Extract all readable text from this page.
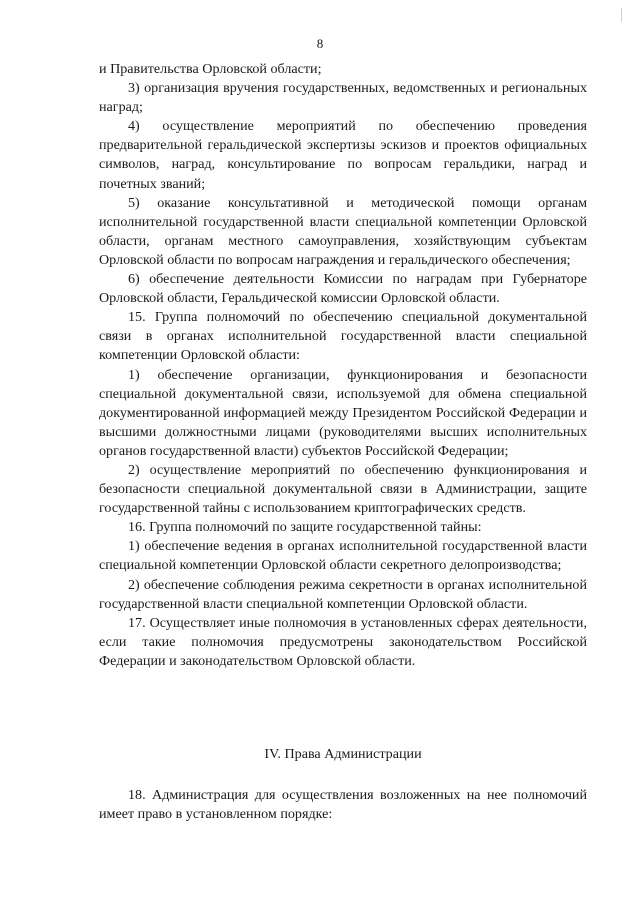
8

и Правительства Орловской области;

3) организация вручения государственных, ведомственных и региональных наград;

4) осуществление мероприятий по обеспечению проведения предварительной геральдической экспертизы эскизов и проектов официальных символов, наград, консультирование по вопросам геральдики, наград и почетных званий;

5) оказание консультативной и методической помощи органам исполнительной государственной власти специальной компетенции Орловской области, органам местного самоуправления, хозяйствующим субъектам Орловской области по вопросам награждения и геральдического обеспечения;

6) обеспечение деятельности Комиссии по наградам при Губернаторе Орловской области, Геральдической комиссии Орловской области.

15. Группа полномочий по обеспечению специальной документальной связи в органах исполнительной государственной власти специальной компетенции Орловской области:

1) обеспечение организации, функционирования и безопасности специальной документальной связи, используемой для обмена специальной документированной информацией между Президентом Российской Федерации и высшими должностными лицами (руководителями высших исполнительных органов государственной власти) субъектов Российской Федерации;

2) осуществление мероприятий по обеспечению функционирования и безопасности специальной документальной связи в Администрации, защите государственной тайны с использованием криптографических средств.

16. Группа полномочий по защите государственной тайны:

1) обеспечение ведения в органах исполнительной государственной власти специальной компетенции Орловской области секретного делопроизводства;

2) обеспечение соблюдения режима секретности в органах исполнительной государственной власти специальной компетенции Орловской области.

17. Осуществляет иные полномочия в установленных сферах деятельности, если такие полномочия предусмотрены законодательством Российской Федерации и законодательством Орловской области.

IV. Права Администрации

18. Администрация для осуществления возложенных на нее полномочий имеет право в установленном порядке:
